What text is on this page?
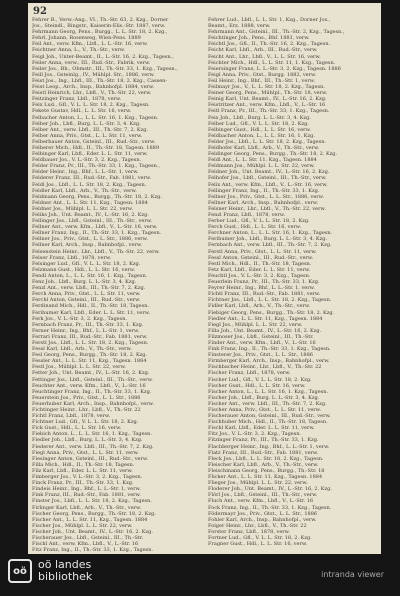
92
Fehrer B., Verw.-Ang., VI., Th.-Str. 63, 2. Kzg., Dorner
Jos., Steindl., Ringstr., Kaiserin-Elis.-Str. 1887, verw.
Fehrmann Georg, Pens., Burgg., L. L. Str. 18, 2. Kzg.,
Fehrl, Johann, Rosenweg, Wien-Pens. 1889
Feil Ant., verw. Kfm., Lbfl., L. L.-Str. 16, verw.
Feichtner Anna, L., V., Th.-Str., verw.
Feigl Joh., Unter-Beamt., II., L.-Str. 16, 2. Kzg., Tagesn.,
Feiler Anna, verw., III., Rud.-Str., Fabrik, verw.
Feiler Jos., Bh., Obmstr., III., Th.-Str. 33, 1. Kzg., Tagesn.,
Feill Jos., Gsteinlg., IV., Mühlpl. Str., 1886, verw.
Feist Jos., Ing., Lbfl., III., Th.-Str. 18, 2. Kzg., Cassen-
Feist Leop., Arch., Insp., Bahnhofpl. 1884, verw.
Feistl Heinrich, Lhr., Lbfl., V., Th.-Str. 22, verw.
Feitzinger Franz, Lbfl., 1878, verw.
Feix Lud., Gfl., V. L. L. Str. 18, 2. Kzg., Tagesn.
Fekete Gustav, Hdl., L. L. Str. 16, verw.
Felbacher Anton, L., L. L. Str. 16, 1. Kzg., Tagesn.
Felber Joh., Lbfl., Burg. L. L.-Str. 3, 4. Kzg.
Felber Ant., verw. Lbfl., III., Th.-Str. 7, 2. Kzg.
Felber Anna, Priv., Gtst., L. L. Str. 11, verw.
Felberbauer Anton, Gsteinl., III., Rud.-Str., verw.
Felberer Mich., Hdl., II., Th.-Str. 18, Tagesn. 1889
Felbinger Karl, Lbfl., Eder. L. L. Str. 11, verw.
Feldbauer Jos., V. L.-Str. 3, 2. Kzg., Tagesn.
Felder Franz, Pr., III., Th.-Str. 33, 1. Kzg., Tagesn.,
Felder Heinr., Ing., Bhf., L. L.-Str. 1, verw.
Felderer Franz, III., Rud.-Str., Fab. 1881, verw.
Feldl Jos., Lbfl., L. L. Str. 18, 2. Kzg., Tagesn.
Feldler Karl, Lbfl., Arb., V., Th.-Str., verw.
Feldmann Georg, Pens., Burgg., Th.-Str. 18, 2. Kzg.
Feldner Ant., L. L. Str. 11, Kzg., Tagesn. 1884
Feldner Jos., Mühlpl. L. L. Str. 22, verw.
Feliks Joh., Unt. Beamt., IV., L.-Str. 16, 2. Kzg.
Fellinger Jos., Lbfl., Gsteinl., III., Th.-Str., verw.
Fellner Ant., verw. Kfm., Lbfl., V., L.-Str. 16, verw.
Fellner Franz, Ing., II., Th.-Str. 33, 1. Kzg., Tagesn.
Fellner Jos., Priv., Gtst., L. L. Str., 1886, verw.
Fellner Karl, Arch., Insp., Bahnhofpl., verw.
Felsenstein Heinr., Lhr., Lbfl., V., Th.-Str. 22, verw.
Felser Franz, Lbfl., 1878, verw.
Felsinger Lud., Gfl., V. L. L. Str. 18, 2. Kzg.
Felzmann Gust., Hdl., L. L. Str. 16, verw.
Fendl Anton, L., L. L. Str. 16, 1. Kzg., Tagesn.
Fenz Joh., Lbfl., Burg. L. L.-Str. 3, 4. Kzg.
Fenzl Ant., verw. Lbfl., III., Th.-Str. 7, 2. Kzg.
Ferch Anna, Priv., Gtst., L. L. Str. 11, verw.
Ferchl Anton, Gsteinl., III., Rud.-Str., verw.
Ferdinand Mich., Hdl., II., Th.-Str. 18, Tagesn.
Ferihumer Karl, Lbfl., Eder. L. L. Str. 11, verw.
Ferk Jos., V. L.-Str. 3, 2. Kzg., Tagesn.
Fernbach Franz, Pr., III., Th.-Str. 33, 1. Kzg.
Ferner Heinr., Ing., Bhf., L. L.-Str. 1, verw.
Ferrari Franz, III., Rud.-Str., Fab. 1881, verw.
Ferstl Jos., Lbfl., L. L. Str. 18, 2. Kzg., Tagesn.
Fessl Karl, Lbfl., Arb., V., Th.-Str., verw.
Fesl Georg, Pens., Burgg., Th.-Str. 18, 2. Kzg.
Fessler Ant., L. L. Str. 11, Kzg., Tagesn. 1884
Festl Jos., Mühlpl. L. L. Str. 22, verw.
Fetter Joh., Unt. Beamt., IV., L.-Str. 16, 2. Kzg.
Fettinger Jos., Lbfl., Gsteinl., III., Th.-Str., verw.
Feuchter Ant., verw. Kfm., Lbfl., V., L.-Str. 16
Feuchtinger Franz, Ing., II., Th.-Str. 33, 1. Kzg.
Feuerstein Jos., Priv., Gtst., L. L. Str., 1886
Feuerhuber Karl, Arch., Insp., Bahnhofpl., verw.
Fichtinger Heinr., Lhr., Lbfl., V., Th.-Str. 22
Fichtl Franz, Lbfl., 1878, verw.
Fichtner Lud., Gfl., V. L. L. Str. 18, 2. Kzg.
Fick Gust., Hdl., L. L. Str. 16, verw.
Fiebich Anton, L., L. L. Str. 16, 1. Kzg., Tagesn.
Fiedler Joh., Lbfl., Burg. L. L.-Str. 3, 4. Kzg.
Fiederer Ant., verw. Lbfl., III., Th.-Str. 7, 2. Kzg.
Fiegl Anna, Priv., Gtst., L. L. Str. 11, verw.
Fiesinger Anton, Gsteinl., III., Rud.-Str., verw.
Filla Mich., Hdl., II., Th.-Str. 18, Tagesn.
Filz Karl, Lbfl., Eder. L. L. Str. 11, verw.
Fimberger Jos., V. L.-Str. 3, 2. Kzg., Tagesn.
Finck Franz, Pr., III., Th.-Str. 33, 1. Kzg.
Findeis Heinr., Ing., Bhf., L. L.-Str. 1, verw.
Fink Franz, III., Rud.-Str., Fab. 1881, verw.
Finster Jos., Lbfl., L. L. Str. 18, 2. Kzg., Tagesn.
Firlinger Karl, Lbfl., Arb., V., Th.-Str., verw.
Fischer Georg, Pens., Burgg., Th.-Str. 18, 2. Kzg.
Fischer Ant., L. L. Str. 11, Kzg., Tagesn. 1884
Fischer Jos., Mühlpl. L. L. Str. 22, verw.
Fischer Joh., Unt. Beamt., IV., L.-Str. 16, 2. Kzg.
Fischerauer Jos., Lbfl., Gsteinl., III., Th.-Str.
Fischl Ant., verw. Kfm., Lbfl., V., L.-Str. 16
Fitz Franz, Ing., II., Th.-Str. 33, 1. Kzg., Tagesn.
Fehrer Lud., Lbfl., L. L. Str. 1, Kzg., Dorner Jos.,
Beamt., Erz. 1888, verw.
Fehrmann Ant., Gsteinl., III., Th.-Str. 2, Kzg., Tagesn.,
Feichtinger Joh., Pens., Bhf. 1881, verw.
Feichtl Jos., Gfl., II., Th.-Str. 16, 2. Kzg., Tagesn.
Feicht Karl, Lbfl., Arb., III., Rud.-Str., verw.
Feicht Ant., Lhr., Lbfl., V., L. L. Str. 16, verw.
Feichter Mich., Hdl., L. L. Str. 11, 1. Kzg., Tagesn.
Feiersinger Franz, L. L.-Str. 3, 2. Kzg., Tagesn. 1886
Feigl Anna, Priv., Gtst., Burgg. 1882, verw.
Feil Heinr., Ing., Bhf., III., Th.-Str. 1, verw.
Feilmayr Jos., V., L. L. Str. 18, 2. Kzg., Tagesn.
Feiner Georg, Pens., Mühlpl., Th.-Str. 18, verw.
Feinig Karl, Unt. Beamt., IV., L.-Str. 16, 2. Kzg.
Feistritzer Ant., verw. Kfm., Lbfl., V., L.-Str. 16
Feitl Franz, Pr., III., Th.-Str. 33, 1. Kzg., Tagesn.
Feix Joh., Lbfl., Burg. L. L.-Str. 3, 4. Kzg.
Felber Lud., Gfl., V. L. L. Str. 18, 2. Kzg.
Felbinger Gust., Hdl., L. L. Str. 16, verw.
Feldbacher Anton, L., L. L. Str. 16, 1. Kzg.
Felder Jos., Lbfl., L. L. Str. 18, 2. Kzg., Tagesn.
Feldhofer Karl, Lbfl., Arb., V., Th.-Str., verw.
Feldinger Georg, Pens., Burgg., Th.-Str. 18, 2. Kzg.
Feldl Ant., L. L. Str. 11, Kzg., Tagesn. 1884
Feldmann Jos., Mühlpl. L. L. Str. 22, verw.
Feldner Joh., Unt. Beamt., IV., L.-Str. 16, 2. Kzg.
Felhofer Jos., Lbfl., Gsteinl., III., Th.-Str., verw.
Felix Ant., verw. Kfm., Lbfl., V., L.-Str. 16, verw.
Fellinger Franz, Ing., II., Th.-Str. 33, 1. Kzg.
Fellner Jos., Priv., Gtst., L. L. Str., 1886, verw.
Fellner Karl, Arch., Insp., Bahnhofpl., verw.
Felsner Heinr., Lhr., Lbfl., V., Th.-Str. 22, verw.
Fenzl Franz, Lbfl., 1878, verw.
Ferber Lud., Gfl., V. L. L. Str. 18, 2. Kzg.
Ferch Gust., Hdl., L. L. Str. 16, verw.
Ferchner Anton, L., L. L. Str. 16, 1. Kzg., Tagesn.
Ferihumer Joh., Lbfl., Burg. L. L.-Str. 3, 4. Kzg.
Fernbach Ant., verw. Lbfl., III., Th.-Str. 7, 2. Kzg.
Ferstl Anna, Priv., Gtst., L. L. Str. 11, verw.
Fessl Anton, Gsteinl., III., Rud.-Str., verw.
Festl Mich., Hdl., II., Th.-Str. 18, Tagesn.
Fetz Karl, Lbfl., Eder. L. L. Str. 11, verw.
Feuchtl Jos., V. L.-Str. 3, 2. Kzg., Tagesn.
Feuerlein Franz, Pr., III., Th.-Str. 33, 1. Kzg.
Feyrer Heinr., Ing., Bhf., L. L.-Str. 1, verw.
Fichtl Franz, III., Rud.-Str., Fab. 1881, verw.
Fichtner Jos., Lbfl., L. L. Str. 18, 2. Kzg., Tagesn.
Fidler Karl, Lbfl., Arb., V., Th.-Str., verw.
Fiebiger Georg, Pens., Burgg., Th.-Str. 18, 2. Kzg.
Fiedler Ant., L. L. Str. 11, Kzg., Tagesn. 1884
Fiegl Jos., Mühlpl. L. L. Str. 22, verw.
Filla Joh., Unt. Beamt., IV., L.-Str. 16, 2. Kzg.
Filzmoser Jos., Lbfl., Gsteinl., III., Th.-Str.
Finder Ant., verw. Kfm., Lbfl., V., L.-Str. 16
Fink Franz, Ing., II., Th.-Str. 33, 1. Kzg., Tagesn.
Finsterer Jos., Priv., Gtst., L. L. Str., 1886
Firmberger Karl, Arch., Insp., Bahnhofpl., verw.
Fischbacher Heinr., Lhr., Lbfl., V., Th.-Str. 22
Fischer Franz, Lbfl., 1878, verw.
Fischer Lud., Gfl., V. L. L. Str. 18, 2. Kzg.
Fischer Gust., Hdl., L. L. Str. 16, verw.
Fischer Anton, L., L. L. Str. 16, 1. Kzg., Tagesn.
Fischer Joh., Lbfl., Burg. L. L.-Str. 3, 4. Kzg.
Fischer Ant., verw. Lbfl., III., Th.-Str. 7, 2. Kzg.
Fischer Anna, Priv., Gtst., L. L. Str. 11, verw.
Fischerauer Anton, Gsteinl., III., Rud.-Str., verw.
Fischhuber Mich., Hdl., II., Th.-Str. 18, Tagesn.
Fischl Karl, Lbfl., Eder. L. L. Str. 11, verw.
Fitz Jos., V. L.-Str. 3, 2. Kzg., Tagesn.
Fitzinger Franz, Pr., III., Th.-Str. 33, 1. Kzg.
Flachberger Heinr., Ing., Bhf., L. L.-Str. 1, verw.
Flatz Franz, III., Rud.-Str., Fab. 1881, verw.
Fleck Jos., Lbfl., L. L. Str. 18, 2. Kzg., Tagesn.
Fleischer Karl, Lbfl., Arb., V., Th.-Str., verw.
Fleischmann Georg, Pens., Burgg., Th.-Str. 18
Flicker Ant., L. L. Str. 11, Kzg., Tagesn. 1884
Flieger Jos., Mühlpl. L. L. Str. 22, verw.
Floderer Joh., Unt. Beamt., IV., L.-Str. 16, 2. Kzg.
Flörl Jos., Lbfl., Gsteinl., III., Th.-Str., verw.
Fluch Ant., verw. Kfm., Lbfl., V., L.-Str. 16
Fock Franz, Ing., II., Th.-Str. 33, 1. Kzg., Tagesn.
Födermayr Jos., Priv., Gtst., L. L. Str., 1886
Fohler Karl, Arch., Insp., Bahnhofpl., verw.
Folger Heinr., Lhr., Lbfl., V., Th.-Str. 22
Forster Franz, Lbfl., 1878, verw.
Fortner Lud., Gfl., V. L. L. Str. 18, 2. Kzg.
Fragner Gust., Hdl., L. L. Str. 16, verw.
oö	oö landes
bibliothek	intranda viewer
